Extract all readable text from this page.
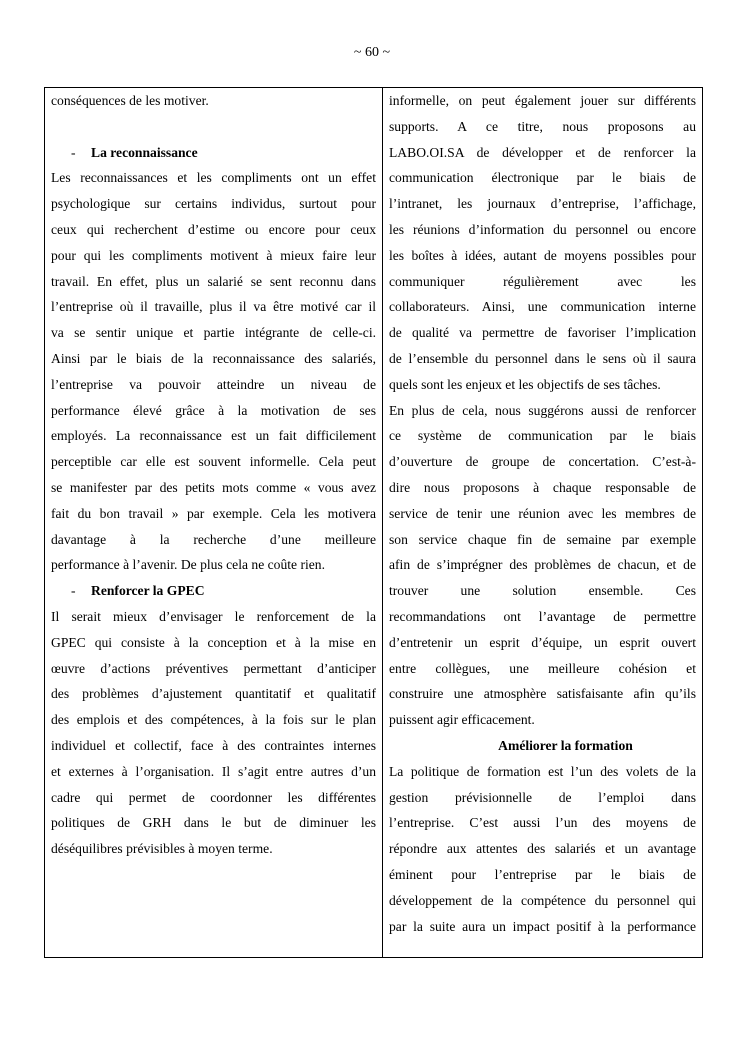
~ 60 ~
conséquences de les motiver.
- La reconnaissance
Les reconnaissances et les compliments ont un effet
psychologique sur certains individus, surtout pour
ceux qui recherchent d’estime ou encore pour ceux
pour qui les compliments motivent à mieux faire leur
travail. En effet, plus un salarié se sent reconnu dans
l’entreprise où il travaille, plus il va être motivé car il
va se sentir unique et partie intégrante de celle-ci.
Ainsi par le biais de la reconnaissance des salariés,
l’entreprise va pouvoir atteindre un niveau de
performance élevé grâce à la motivation de ses
employés. La reconnaissance est un fait difficilement
perceptible car elle est souvent informelle. Cela peut
se manifester par des petits mots comme « vous avez
fait du bon travail » par exemple. Cela les motivera
davantage à la recherche d’une meilleure
performance à l’avenir. De plus cela ne coûte rien.
- Renforcer la GPEC
Il serait mieux d’envisager le renforcement de la
GPEC qui consiste à la conception et à la mise en
œuvre d’actions préventives permettant d’anticiper
des problèmes d’ajustement quantitatif et qualitatif
des emplois et des compétences, à la fois sur le plan
individuel et collectif, face à des contraintes internes
et externes à l’organisation. Il s’agit entre autres d’un
cadre qui permet de coordonner les différentes
politiques de GRH dans le but de diminuer les
déséquilibres prévisibles à moyen terme.
informelle, on peut également jouer sur différents
supports. A ce titre, nous proposons au
LABO.OI.SA de développer et de renforcer la
communication électronique par le biais de
l’intranet, les journaux d’entreprise, l’affichage,
les réunions d’information du personnel ou encore
les boîtes à idées, autant de moyens possibles pour
communiquer régulièrement avec les
collaborateurs. Ainsi, une communication interne
de qualité va permettre de favoriser l’implication
de l’ensemble du personnel dans le sens où il saura
quels sont les enjeux et les objectifs de ses tâches.
En plus de cela, nous suggérons aussi de renforcer
ce système de communication par le biais
d’ouverture de groupe de concertation. C’est-à-
dire nous proposons à chaque responsable de
service de tenir une réunion avec les membres de
son service chaque fin de semaine par exemple
afin de s’imprégner des problèmes de chacun, et de
trouver une solution ensemble. Ces
recommandations ont l’avantage de permettre
d’entretenir un esprit d’équipe, un esprit ouvert
entre collègues, une meilleure cohésion et
construire une atmosphère satisfaisante afin qu’ils
puissent agir efficacement.
Améliorer la formation
La politique de formation est l’un des volets de la
gestion prévisionnelle de l’emploi dans
l’entreprise. C’est aussi l’un des moyens de
répondre aux attentes des salariés et un avantage
éminent pour l’entreprise par le biais de
développement de la compétence du personnel qui
par la suite aura un impact positif à la performance
